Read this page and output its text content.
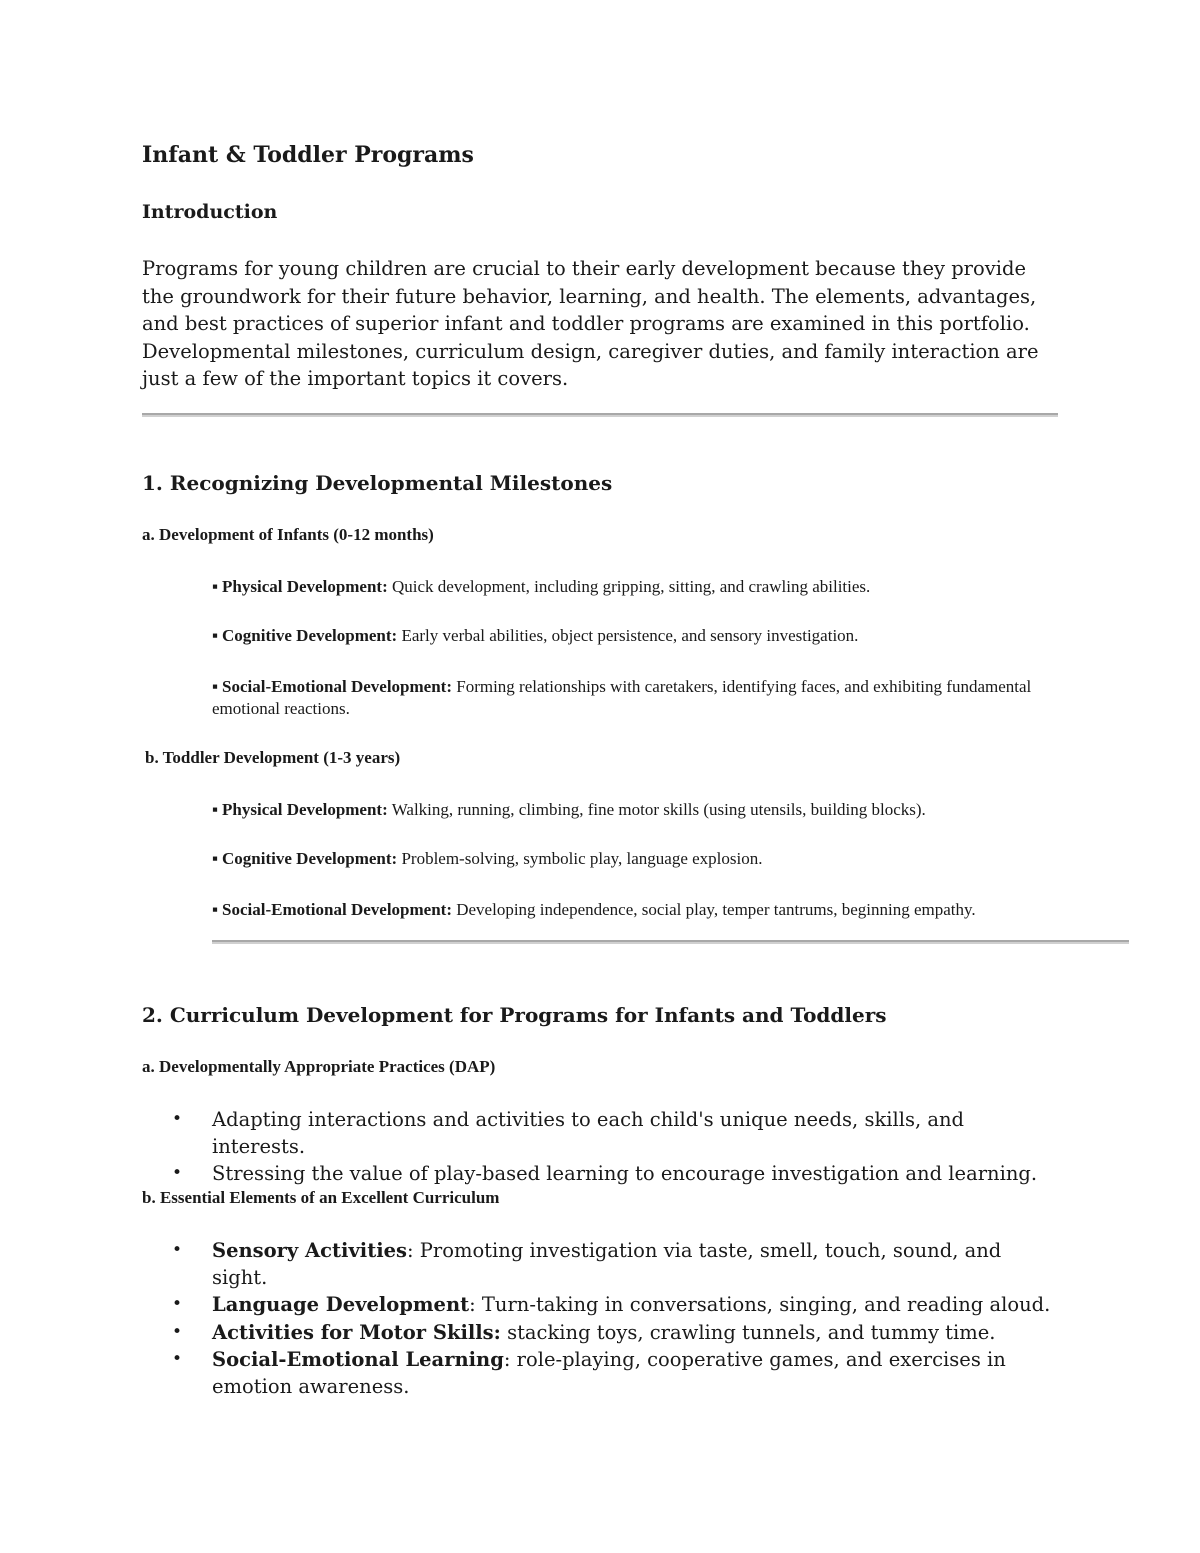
Infant & Toddler Programs
Introduction

Programs for young children are crucial to their early development because they provide the groundwork for their future behavior, learning, and health. The elements, advantages, and best practices of superior infant and toddler programs are examined in this portfolio. Developmental milestones, curriculum design, caregiver duties, and family interaction are just a few of the important topics it covers.

1. Recognizing Developmental Milestones
a. Development of Infants (0-12 months)
▪ Physical Development: Quick development, including gripping, sitting, and crawling abilities.
▪ Cognitive Development: Early verbal abilities, object persistence, and sensory investigation.
▪ Social-Emotional Development: Forming relationships with caretakers, identifying faces, and exhibiting fundamental emotional reactions.
b. Toddler Development (1-3 years)
▪ Physical Development: Walking, running, climbing, fine motor skills (using utensils, building blocks).
▪ Cognitive Development: Problem-solving, symbolic play, language explosion.
▪ Social-Emotional Development: Developing independence, social play, temper tantrums, beginning empathy.
2. Curriculum Development for Programs for Infants and Toddlers
a. Developmentally Appropriate Practices (DAP)
• Adapting interactions and activities to each child's unique needs, skills, and interests.
• Stressing the value of play-based learning to encourage investigation and learning.
b. Essential Elements of an Excellent Curriculum
• Sensory Activities: Promoting investigation via taste, smell, touch, sound, and sight.
• Language Development: Turn-taking in conversations, singing, and reading aloud.
• Activities for Motor Skills: stacking toys, crawling tunnels, and tummy time.
• Social-Emotional Learning: role-playing, cooperative games, and exercises in emotion awareness.
